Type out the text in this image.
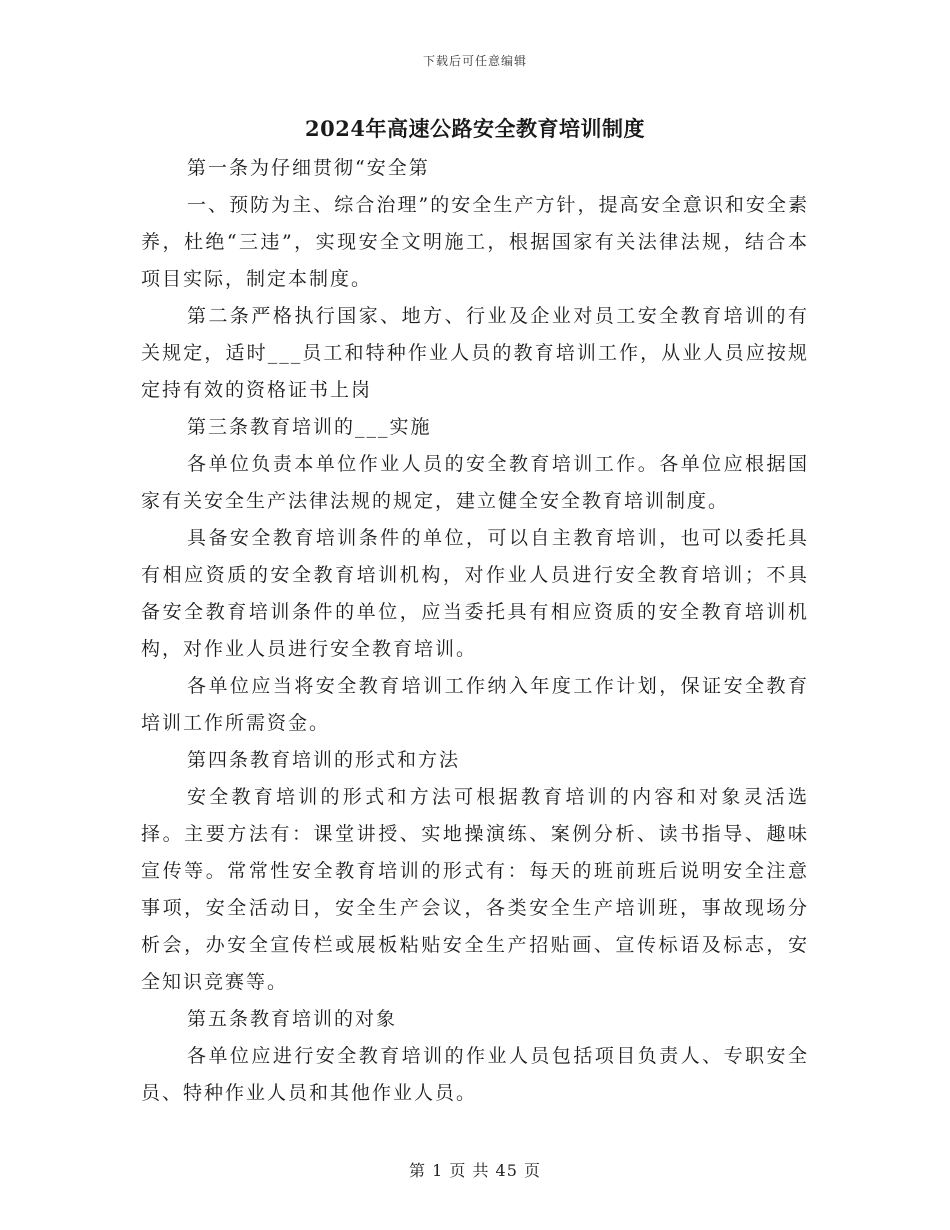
下载后可任意编辑
2024年高速公路安全教育培训制度

第一条为仔细贯彻“安全第

一、预防为主、综合治理”的安全生产方针，提高安全意识和安全素养，杜绝“三违”，实现安全文明施工，根据国家有关法律法规，结合本项目实际，制定本制度。

第二条严格执行国家、地方、行业及企业对员工安全教育培训的有关规定，适时___员工和特种作业人员的教育培训工作，从业人员应按规定持有效的资格证书上岗

第三条教育培训的___实施

各单位负责本单位作业人员的安全教育培训工作。各单位应根据国家有关安全生产法律法规的规定，建立健全安全教育培训制度。

具备安全教育培训条件的单位，可以自主教育培训，也可以委托具有相应资质的安全教育培训机构，对作业人员进行安全教育培训；不具备安全教育培训条件的单位，应当委托具有相应资质的安全教育培训机构，对作业人员进行安全教育培训。

各单位应当将安全教育培训工作纳入年度工作计划，保证安全教育培训工作所需资金。

第四条教育培训的形式和方法

安全教育培训的形式和方法可根据教育培训的内容和对象灵活选择。主要方法有：课堂讲授、实地操演练、案例分析、读书指导、趣味宣传等。常常性安全教育培训的形式有：每天的班前班后说明安全注意事项，安全活动日，安全生产会议，各类安全生产培训班，事故现场分析会，办安全宣传栏或展板粘贴安全生产招贴画、宣传标语及标志，安全知识竞赛等。

第五条教育培训的对象

各单位应进行安全教育培训的作业人员包括项目负责人、专职安全员、特种作业人员和其他作业人员。

第 1 页 共 45 页
